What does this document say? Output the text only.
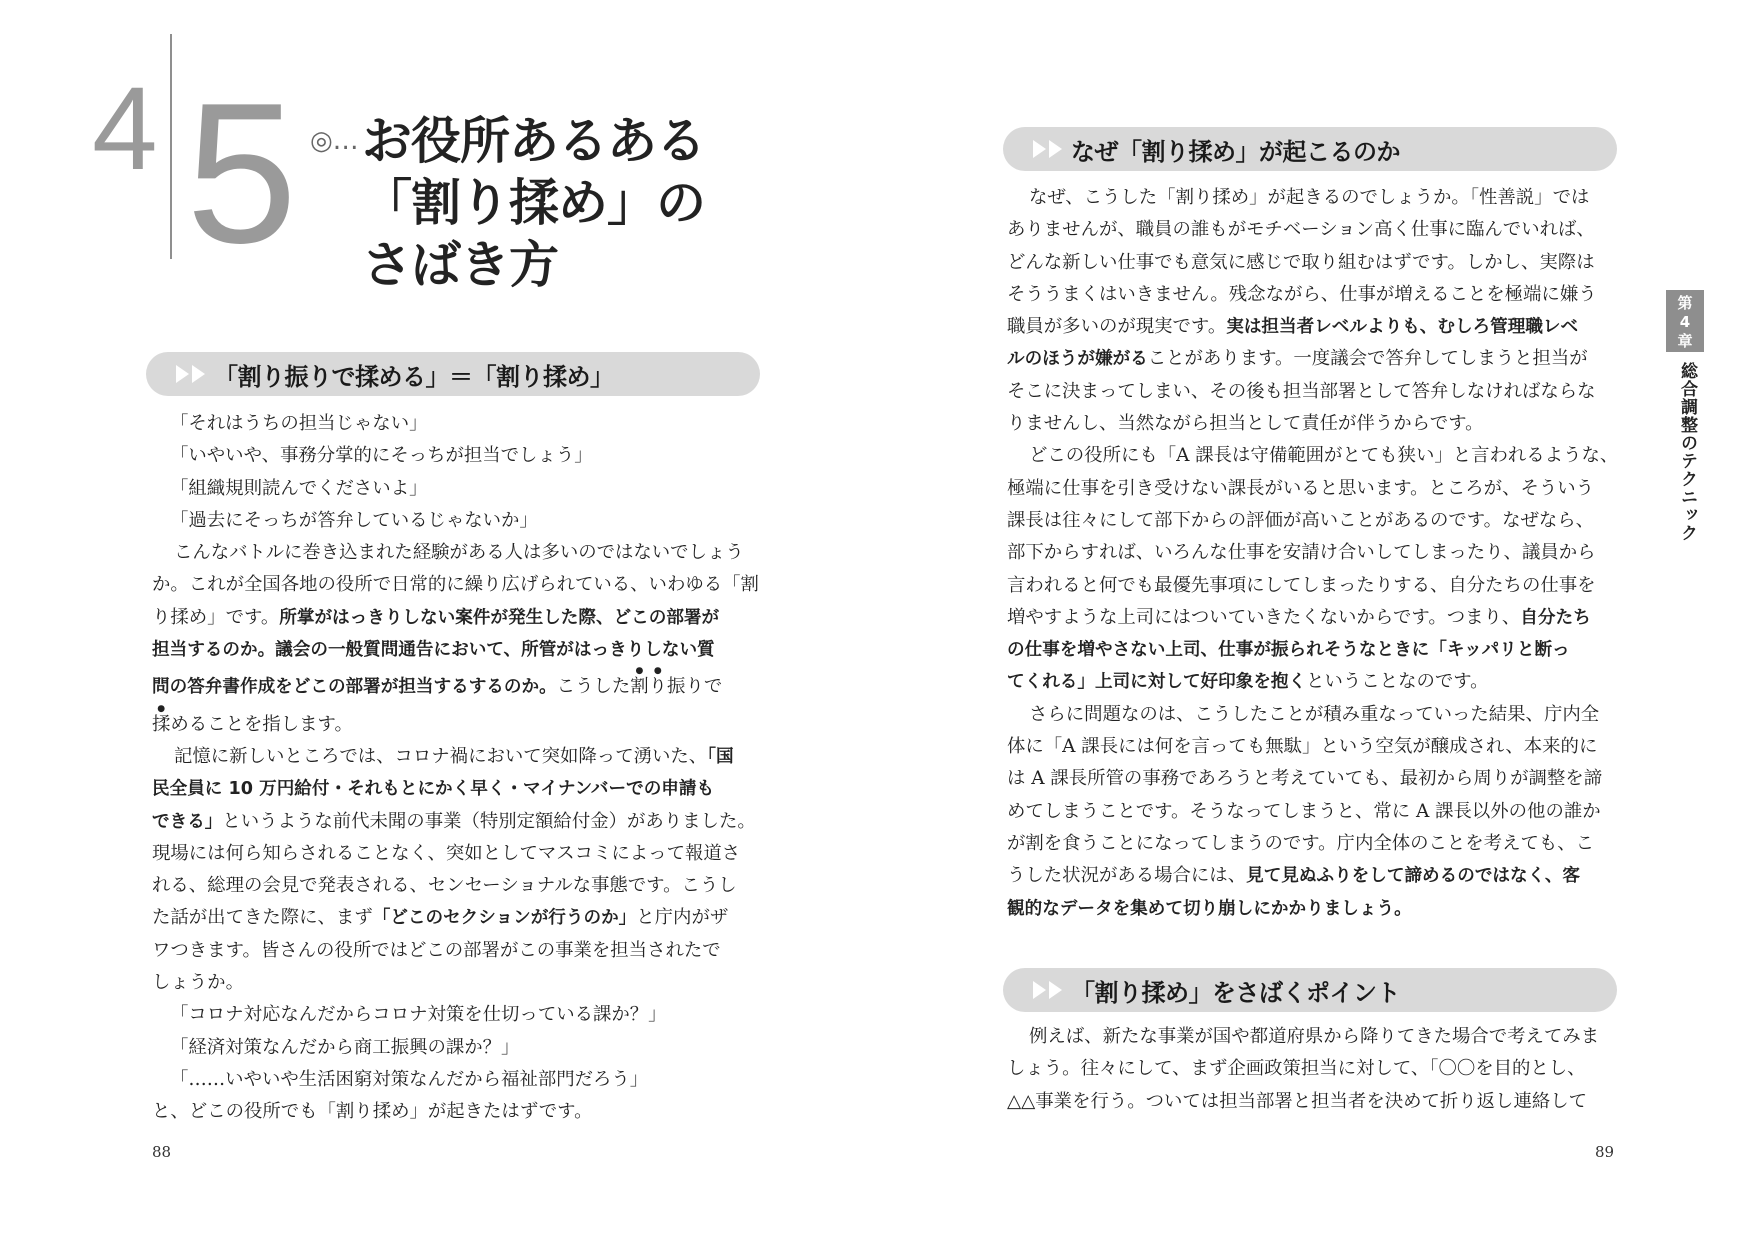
4 5 ◎… お役所あるある
「割り揉め」の
さばき方
「割り振りで揉める」＝「割り揉め」

「それはうちの担当じゃない」

「いやいや、事務分掌的にそっちが担当でしょう」

「組織規則読んでくださいよ」

「過去にそっちが答弁しているじゃないか」

こんなバトルに巻き込まれた経験がある人は多いのではないでしょう

か。これが全国各地の役所で日常的に繰り広げられている、いわゆる「割

り揉め」です。所掌がはっきりしない案件が発生した際、どこの部署が

担当するのか。議会の一般質問通告において、所管がはっきりしない質

問の答弁書作成をどこの部署が担当するするのか。こうした割り振りで

揉めることを指します。

記憶に新しいところでは、コロナ禍において突如降って湧いた、「国

民全員に 10 万円給付・それもとにかく早く・マイナンバーでの申請も

できる」というような前代未聞の事業（特別定額給付金）がありました。

現場には何ら知らされることなく、突如としてマスコミによって報道さ

れる、総理の会見で発表される、センセーショナルな事態です。こうし

た話が出てきた際に、まず「どこのセクションが行うのか」と庁内がザ

ワつきます。皆さんの役所ではどこの部署がこの事業を担当されたで

しょうか。

「コロナ対応なんだからコロナ対策を仕切っている課か？」

「経済対策なんだから商工振興の課か？」

「……いやいや生活困窮対策なんだから福祉部門だろう」

と、どこの役所でも「割り揉め」が起きたはずです。

88
なぜ「割り揉め」が起こるのか

なぜ、こうした「割り揉め」が起きるのでしょうか。「性善説」では

ありませんが、職員の誰もがモチベーション高く仕事に臨んでいれば、

どんな新しい仕事でも意気に感じで取り組むはずです。しかし、実際は

そううまくはいきません。残念ながら、仕事が増えることを極端に嫌う

職員が多いのが現実です。実は担当者レベルよりも、むしろ管理職レベ

ルのほうが嫌がることがあります。一度議会で答弁してしまうと担当が

そこに決まってしまい、その後も担当部署として答弁しなければならな

りませんし、当然ながら担当として責任が伴うからです。

どこの役所にも「A 課長は守備範囲がとても狭い」と言われるような、

極端に仕事を引き受けない課長がいると思います。ところが、そういう

課長は往々にして部下からの評価が高いことがあるのです。なぜなら、

部下からすれば、いろんな仕事を安請け合いしてしまったり、議員から

言われると何でも最優先事項にしてしまったりする、自分たちの仕事を

増やすような上司にはついていきたくないからです。つまり、自分たち

の仕事を増やさない上司、仕事が振られそうなときに「キッパリと断っ

てくれる」上司に対して好印象を抱くということなのです。

さらに問題なのは、こうしたことが積み重なっていった結果、庁内全

体に「A 課長には何を言っても無駄」という空気が醸成され、本来的に

は A 課長所管の事務であろうと考えていても、最初から周りが調整を諦

めてしまうことです。そうなってしまうと、常に A 課長以外の他の誰か

が割を食うことになってしまうのです。庁内全体のことを考えても、こ

うした状況がある場合には、見て見ぬふりをして諦めるのではなく、客

観的なデータを集めて切り崩しにかかりましょう。

「割り揉め」をさばくポイント

例えば、新たな事業が国や都道府県から降りてきた場合で考えてみま

しょう。往々にして、まず企画政策担当に対して、「〇〇を目的とし、

△△事業を行う。ついては担当部署と担当者を決めて折り返し連絡して

89
第
4
章
総合調整のテクニック
